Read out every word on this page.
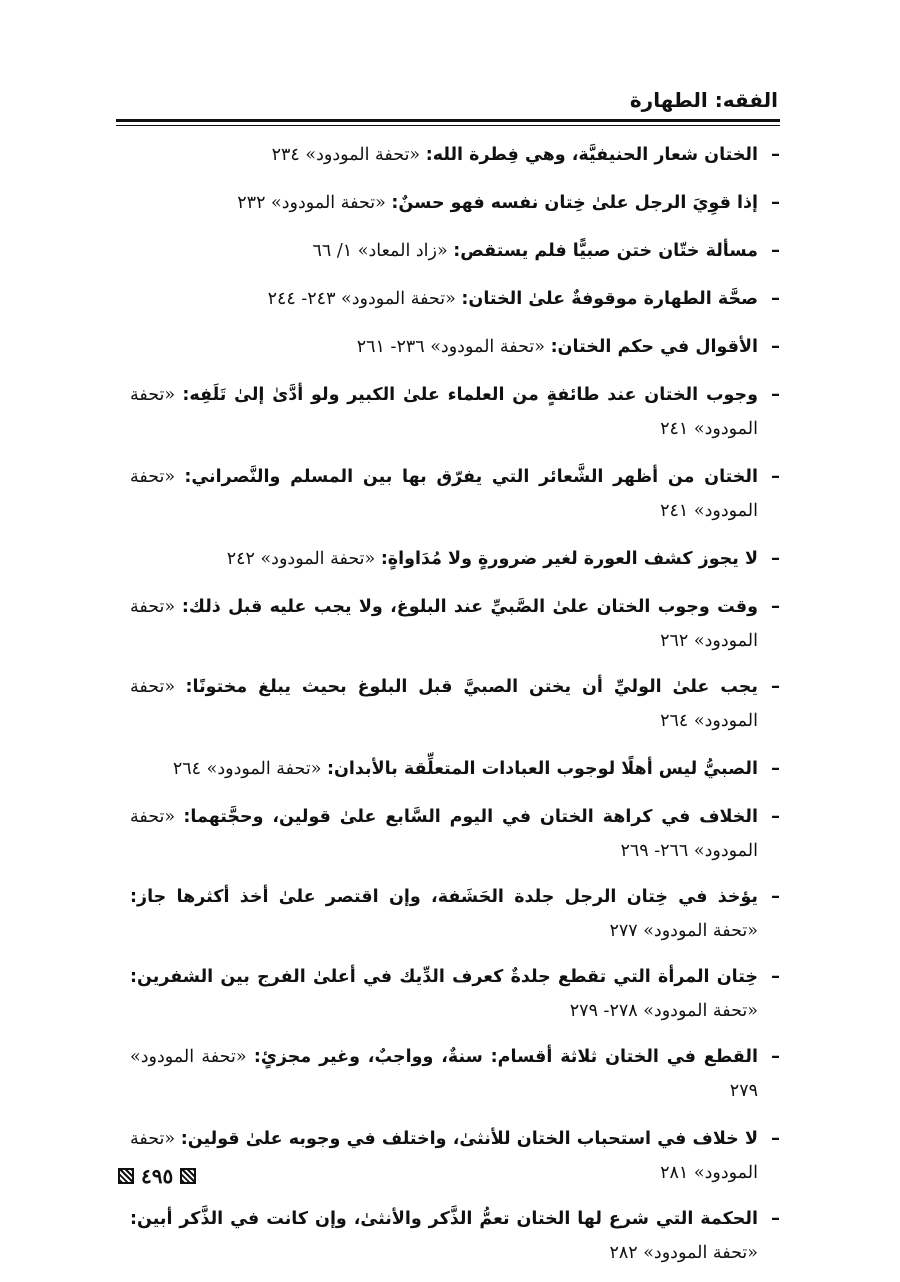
الفقه: الطهارة
–
الختان شعار الحنيفيَّة، وهي فِطرة الله: «تحفة المودود» ٢٣٤
–
إذا قوِيَ الرجل علىٰ خِتان نفسه فهو حسنٌ: «تحفة المودود» ٢٣٢
–
مسألة ختّان ختن صبيًّا فلم يستقص: «زاد المعاد» ١/ ٦٦
–
صحَّة الطهارة موقوفةٌ علىٰ الختان: «تحفة المودود» ٢٤٣- ٢٤٤
–
الأقوال في حكم الختان: «تحفة المودود» ٢٣٦- ٢٦١
–
وجوب الختان عند طائفةٍ من العلماء علىٰ الكبير ولو أدَّىٰ إلىٰ تَلَفِه: «تحفة المودود» ٢٤١
–
الختان من أظهر الشَّعائر التي يفرّق بها بين المسلم والنَّصراني: «تحفة المودود» ٢٤١
–
لا يجوز كشف العورة لغير ضرورةٍ ولا مُدَاواةٍ: «تحفة المودود» ٢٤٢
–
وقت وجوب الختان علىٰ الصَّبيِّ عند البلوغ، ولا يجب عليه قبل ذلك: «تحفة المودود» ٢٦٢
–
يجب علىٰ الوليِّ أن يختن الصبيَّ قبل البلوغ بحيث يبلغ مختونًا: «تحفة المودود» ٢٦٤
–
الصبيُّ ليس أهلًا لوجوب العبادات المتعلِّقة بالأبدان: «تحفة المودود» ٢٦٤
–
الخلاف في كراهة الختان في اليوم السَّابع علىٰ قولين، وحجَّتهما: «تحفة المودود» ٢٦٦- ٢٦٩
–
يؤخذ في خِتان الرجل جلدة الحَشَفة، وإن اقتصر علىٰ أخذ أكثرها جاز: «تحفة المودود» ٢٧٧
–
خِتان المرأة التي تقطع جلدةٌ كعرف الدِّيك في أعلىٰ الفرج بين الشفرين: «تحفة المودود» ٢٧٨- ٢٧٩
–
القطع في الختان ثلاثة أقسام: سنةٌ، وواجبٌ، وغير مجزئٍ: «تحفة المودود» ٢٧٩
–
لا خلاف في استحباب الختان للأنثىٰ، واختلف في وجوبه علىٰ قولين: «تحفة المودود» ٢٨١
–
الحكمة التي شرع لها الختان تعمُّ الذَّكر والأنثىٰ، وإن كانت في الذَّكر أبين: «تحفة المودود» ٢٨٢
٤٩٥
